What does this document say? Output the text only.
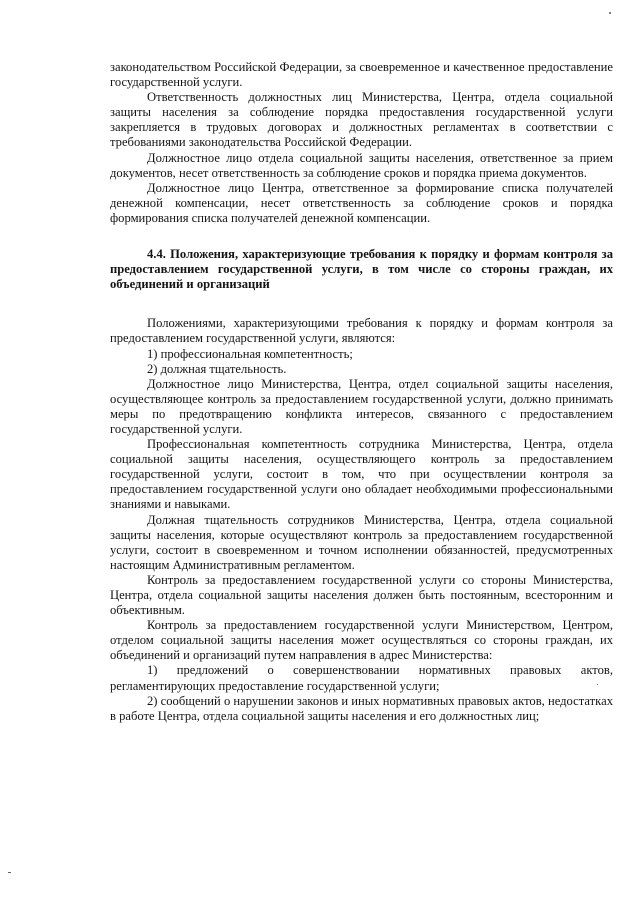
законодательством Российской Федерации, за своевременное и качественное предоставление государственной услуги.

Ответственность должностных лиц Министерства, Центра, отдела социальной защиты населения за соблюдение порядка предоставления государственной услуги закрепляется в трудовых договорах и должностных регламентах в соответствии с требованиями законодательства Российской Федерации.

Должностное лицо отдела социальной защиты населения, ответственное за прием документов, несет ответственность за соблюдение сроков и порядка приема документов.

Должностное лицо Центра, ответственное за формирование списка получателей денежной компенсации, несет ответственность за соблюдение сроков и порядка формирования списка получателей денежной компенсации.

4.4. Положения, характеризующие требования к порядку и формам контроля за предоставлением государственной услуги, в том числе со стороны граждан, их объединений и организаций

Положениями, характеризующими требования к порядку и формам контроля за предоставлением государственной услуги, являются:

1) профессиональная компетентность;

2) должная тщательность.

Должностное лицо Министерства, Центра, отдел социальной защиты населения, осуществляющее контроль за предоставлением государственной услуги, должно принимать меры по предотвращению конфликта интересов, связанного с предоставлением государственной услуги.

Профессиональная компетентность сотрудника Министерства, Центра, отдела социальной защиты населения, осуществляющего контроль за предоставлением государственной услуги, состоит в том, что при осуществлении контроля за предоставлением государственной услуги оно обладает необходимыми профессиональными знаниями и навыками.

Должная тщательность сотрудников Министерства, Центра, отдела социальной защиты населения, которые осуществляют контроль за предоставлением государственной услуги, состоит в своевременном и точном исполнении обязанностей, предусмотренных настоящим Административным регламентом.

Контроль за предоставлением государственной услуги со стороны Министерства, Центра, отдела социальной защиты населения должен быть постоянным, всесторонним и объективным.

Контроль за предоставлением государственной услуги Министерством, Центром, отделом социальной защиты населения может осуществляться со стороны граждан, их объединений и организаций путем направления в адрес Министерства:

1) предложений о совершенствовании нормативных правовых актов, регламентирующих предоставление государственной услуги;

2) сообщений о нарушении законов и иных нормативных правовых актов, недостатках в работе Центра, отдела социальной защиты населения и его должностных лиц;
